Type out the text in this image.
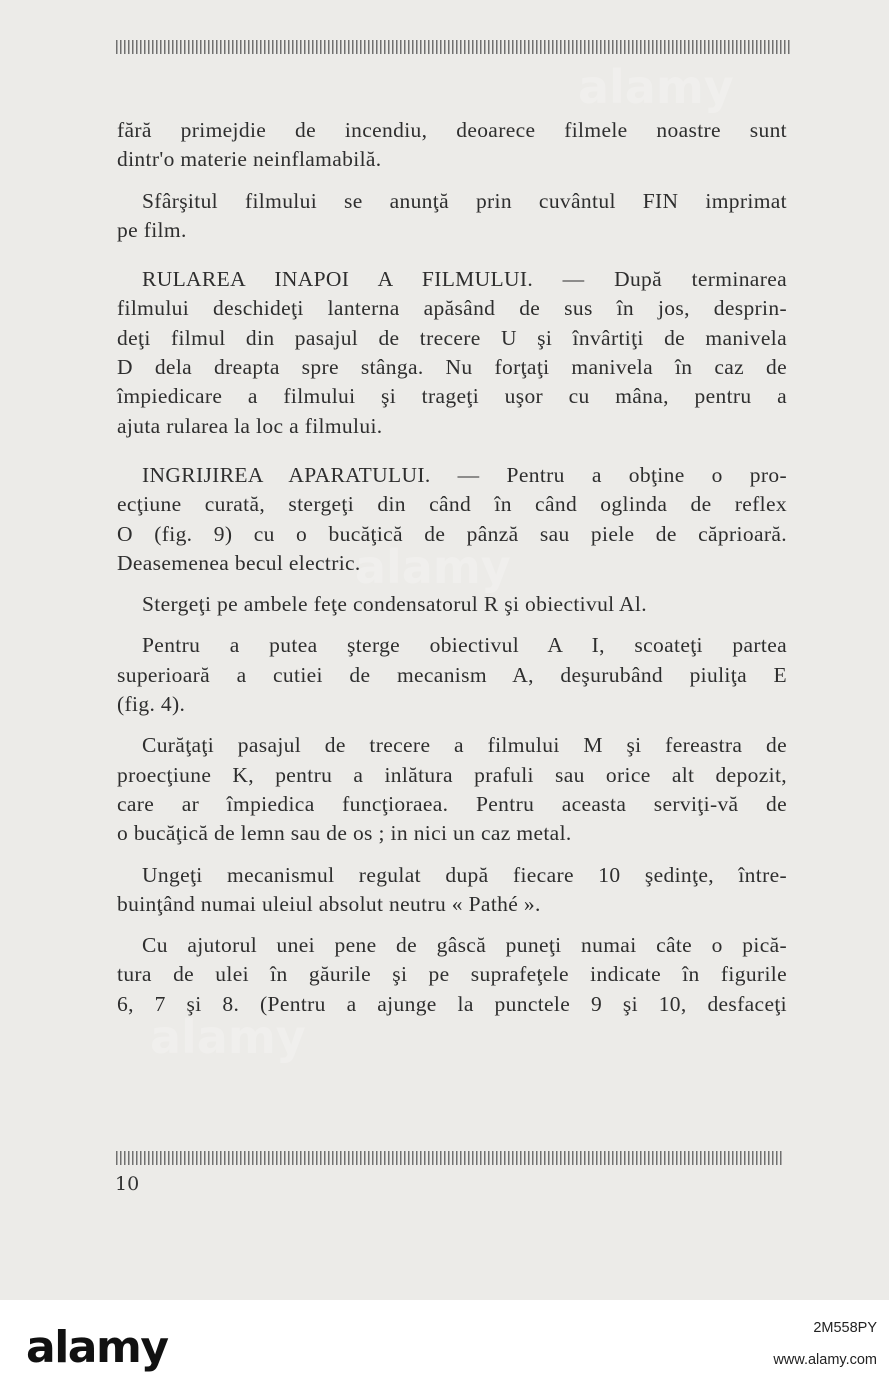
fără primejdie de incendiu, deoarece filmele noastre sunt
dintr'o materie neinflamabilă.
Sfârşitul filmului se anunţă prin cuvântul FIN imprimat
pe film.
RULAREA INAPOI A FILMULUI. — După terminarea
filmului deschideţi lanterna apăsând de sus în jos, desprin-
deţi filmul din pasajul de trecere U şi învârtiţi de manivela
D dela dreapta spre stânga. Nu forţaţi manivela în caz de
împiedicare a filmului şi trageţi uşor cu mâna, pentru a
ajuta rularea la loc a filmului.
INGRIJIREA APARATULUI. — Pentru a obţine o pro-
ecţiune curată, stergeţi din când în când oglinda de reflex
O (fig. 9) cu o bucăţică de pânză sau piele de căprioară.
Deasemenea becul electric.
Stergeţi pe ambele feţe condensatorul R şi obiectivul Al.
Pentru a putea şterge obiectivul A I, scoateţi partea
superioară a cutiei de mecanism A, deşurubând piuliţa E
(fig. 4).
Curăţaţi pasajul de trecere a filmului M şi fereastra de
proecţiune K, pentru a inlătura prafuli sau orice alt depozit,
care ar împiedica funcţioraea. Pentru aceasta serviţi-vă de
o bucăţică de lemn sau de os ; in nici un caz metal.
Ungeţi mecanismul regulat după fiecare 10 şedinţe, între-
buinţând numai uleiul absolut neutru « Pathé ».
Cu ajutorul unei pene de gâscă puneţi numai câte o pică-
tura de ulei în găurile şi pe suprafeţele indicate în figurile
6, 7 şi 8. (Pentru a ajunge la punctele 9 şi 10, desfaceţi
10
alamy
alamy
alamy
alamy	2M558PY
www.alamy.com
